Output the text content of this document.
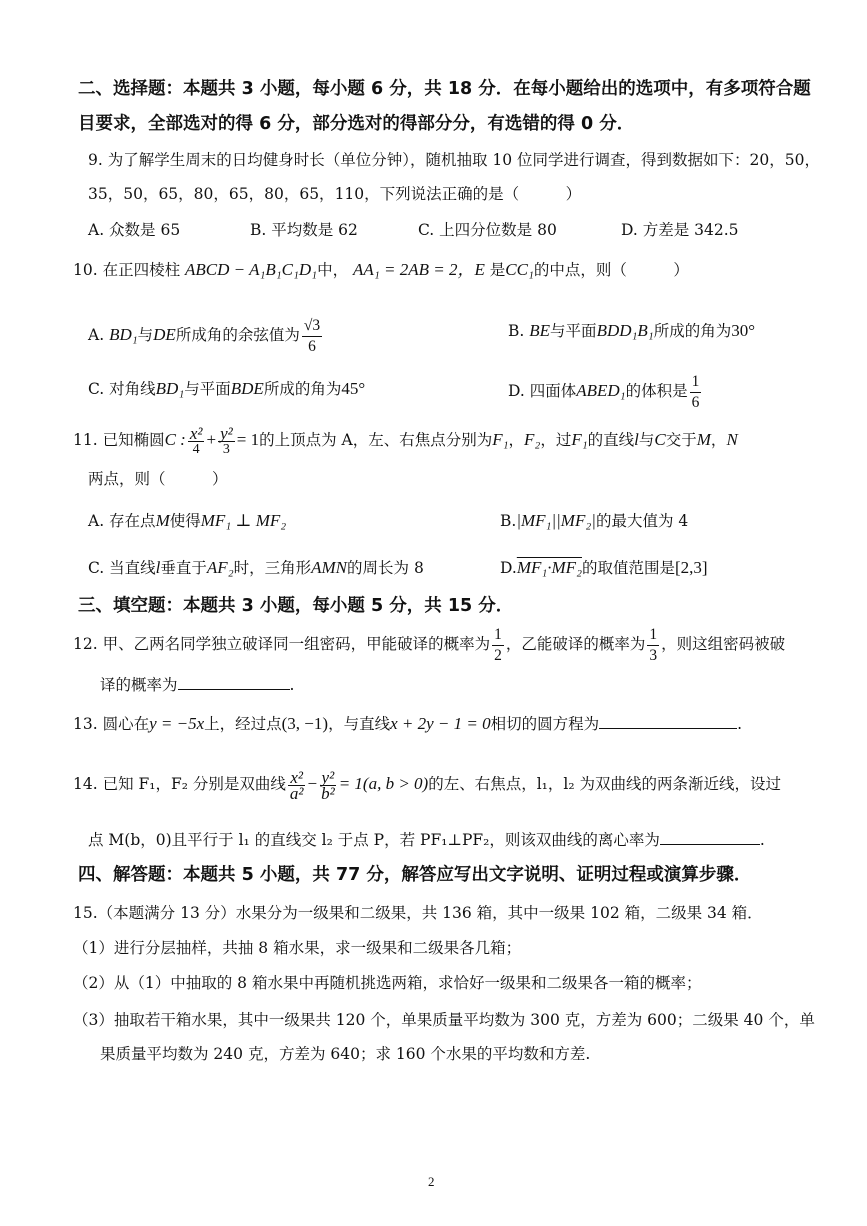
二、选择题：本题共 3 小题，每小题 6 分，共 18 分．在每小题给出的选项中，有多项符合题
目要求，全部选对的得 6 分，部分选对的得部分分，有选错的得 0 分．
9. 为了解学生周末的日均健身时长（单位分钟），随机抽取 10 位同学进行调查，得到数据如下：20，50，
35，50，65，80，65，80，65，110，下列说法正确的是（　　　）
A. 众数是 65	B. 平均数是 62	C. 上四分位数是 80	D. 方差是 342.5
10. 在正四棱柱 ABCD − A₁B₁C₁D₁中， AA₁ = 2AB = 2，E 是CC₁的中点，则（　　　）
A. BD₁与DE所成角的余弦值为 $\frac{√3}{6}$	B. BE与平面BDD₁B₁所成的角为30°
C. 对角线BD₁与平面BDE所成的角为45°	D. 四面体ABED₁的体积是 $\frac{1}{6}$
11. 已知椭圆C : $\frac{\text{x²}}{4} + \frac{\text{y²}}{3} = 1$的上顶点为 A，左、右焦点分别为F₁，F₂，过F₁的直线l与C交于M，N
两点，则（　　　）
A. 存在点M使得MF₁ ⊥ MF₂	B.|MF₁||MF₂|的最大值为 4
C. 当直线l垂直于AF₂时，三角形AMN的周长为 8	D.MF₁·MF₂的取值范围是[2,3]
三、填空题：本题共 3 小题，每小题 5 分，共 15 分．
12. 甲、乙两名同学独立破译同一组密码，甲能破译的概率为 $\frac{1}{2}$ ，乙能破译的概率为 $\frac{1}{3}$ ，则这组密码被破
译的概率为	.
13. 圆心在y = −5x上，经过点(3, −1)，与直线x + 2y − 1 = 0相切的圆方程为	.
14. 已知 F₁，F₂ 分别是双曲线 $\frac{\text{x²}}{\text{a²}} - \frac{\text{y²}}{\text{b²}} = 1(a$, b > 0)的左、右焦点，l₁，l₂ 为双曲线的两条渐近线，设过
点 M(b，0)且平行于 l₁ 的直线交 l₂ 于点 P，若 PF₁⊥PF₂，则该双曲线的离心率为	.
四、解答题：本题共 5 小题，共 77 分，解答应写出文字说明、证明过程或演算步骤．
15.（本题满分 13 分）水果分为一级果和二级果，共 136 箱，其中一级果 102 箱，二级果 34 箱．
（1）进行分层抽样，共抽 8 箱水果，求一级果和二级果各几箱；
（2）从（1）中抽取的 8 箱水果中再随机挑选两箱，求恰好一级果和二级果各一箱的概率；
（3）抽取若干箱水果，其中一级果共 120 个，单果质量平均数为 300 克，方差为 600；二级果 40 个，单
果质量平均数为 240 克，方差为 640；求 160 个水果的平均数和方差.
2
